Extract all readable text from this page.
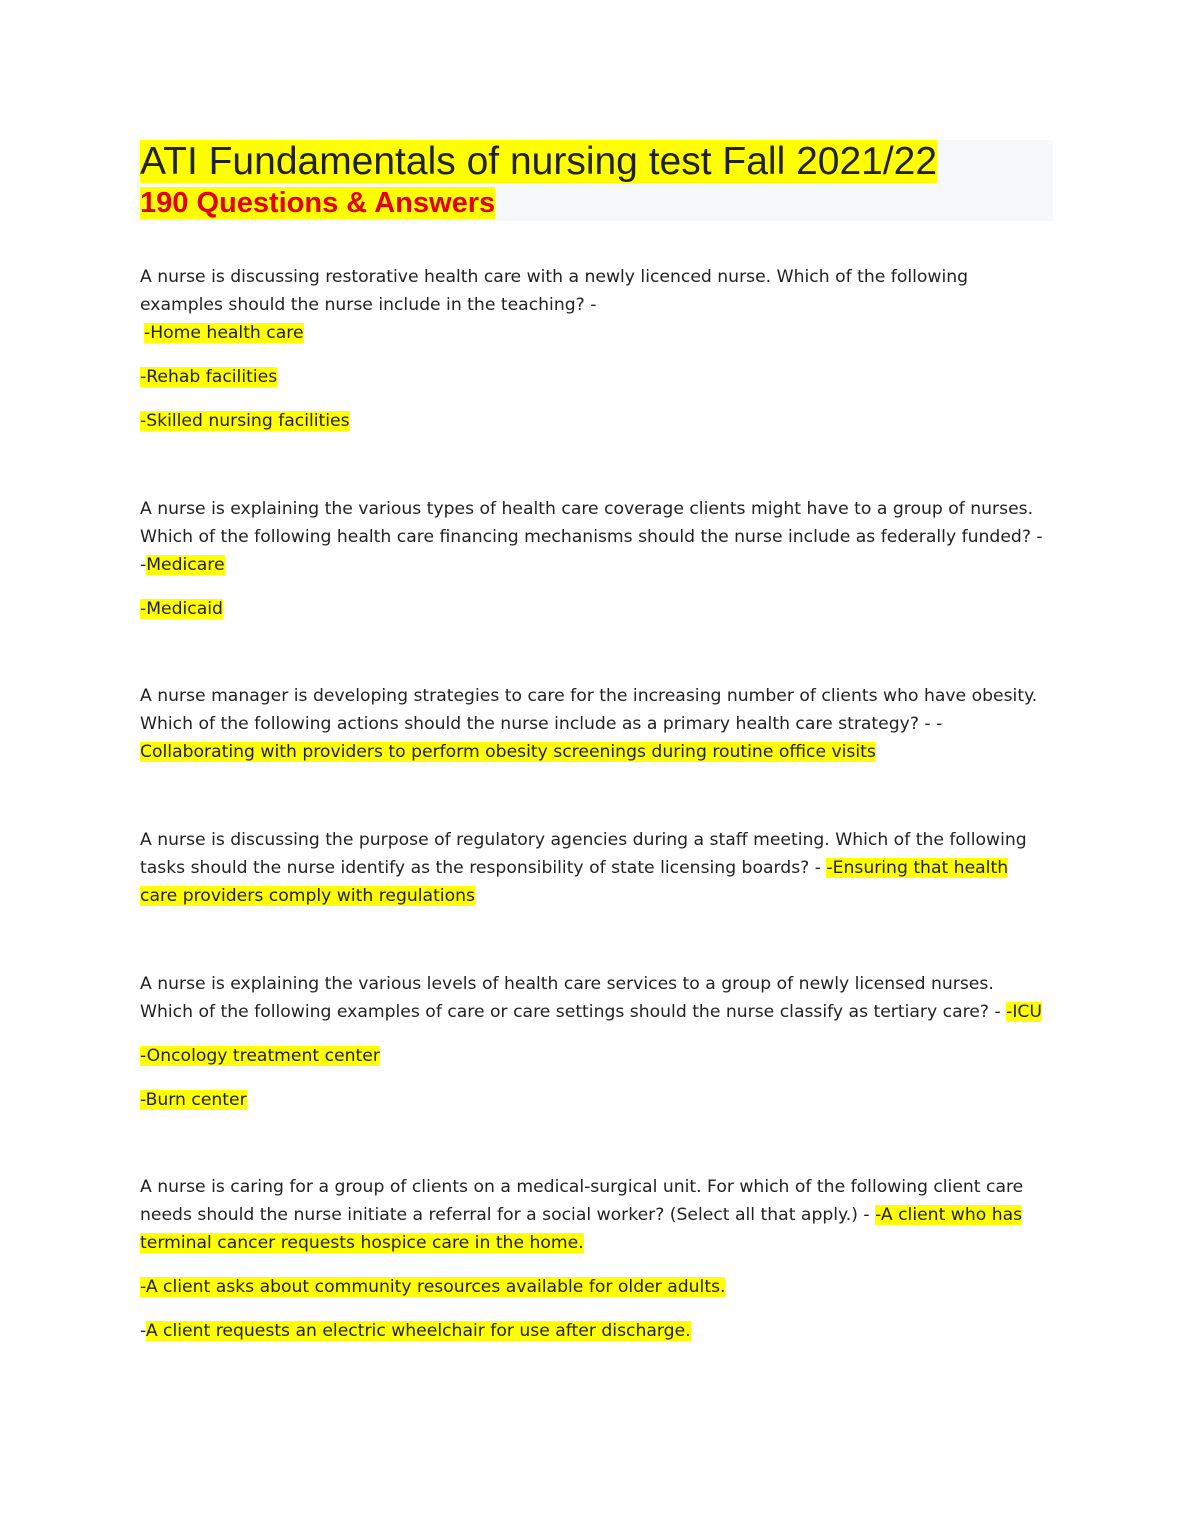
ATI Fundamentals of nursing test Fall 2021/22
190 Questions & Answers

A nurse is discussing restorative health care with a newly licenced nurse. Which of the following

examples should the nurse include in the teaching? -

-Home health care

-Rehab facilities

-Skilled nursing facilities

A nurse is explaining the various types of health care coverage clients might have to a group of nurses.

Which of the following health care financing mechanisms should the nurse include as federally funded? -

-Medicare

-Medicaid

A nurse manager is developing strategies to care for the increasing number of clients who have obesity.

Which of the following actions should the nurse include as a primary health care strategy? - -

Collaborating with providers to perform obesity screenings during routine office visits

A nurse is discussing the purpose of regulatory agencies during a staff meeting. Which of the following

tasks should the nurse identify as the responsibility of state licensing boards? - -Ensuring that health

care providers comply with regulations

A nurse is explaining the various levels of health care services to a group of newly licensed nurses.

Which of the following examples of care or care settings should the nurse classify as tertiary care? - -ICU

-Oncology treatment center

-Burn center

A nurse is caring for a group of clients on a medical-surgical unit. For which of the following client care

needs should the nurse initiate a referral for a social worker? (Select all that apply.) - -A client who has

terminal cancer requests hospice care in the home.

-A client asks about community resources available for older adults.

-A client requests an electric wheelchair for use after discharge.
